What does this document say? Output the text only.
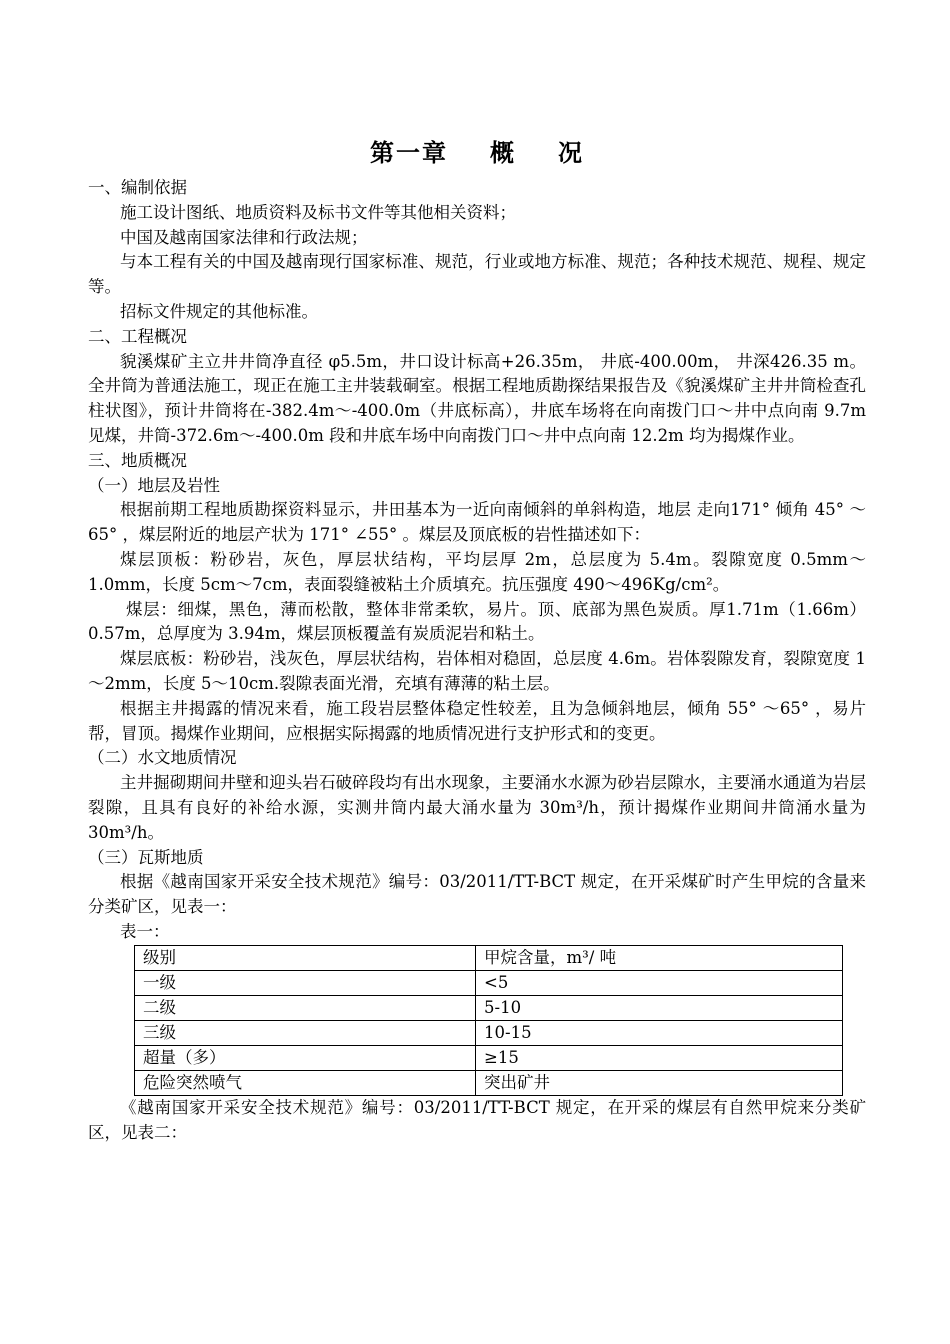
第一章 概 况

一、编制依据

施工设计图纸、地质资料及标书文件等其他相关资料；

中国及越南国家法律和行政法规；

与本工程有关的中国及越南现行国家标准、规范，行业或地方标准、规范；各种技术规范、规程、规定等。

招标文件规定的其他标准。

二、工程概况

貌溪煤矿主立井井筒净直径 φ5.5m，井口设计标高+26.35m， 井底-400.00m， 井深426.35 m。全井筒为普通法施工，现正在施工主井装载硐室。根据工程地质勘探结果报告及《貌溪煤矿主井井筒检查孔柱状图》，预计井筒将在-382.4m～-400.0m（井底标高），井底车场将在向南拨门口～井中点向南 9.7m 见煤，井筒-372.6m～-400.0m 段和井底车场中向南拨门口～井中点向南 12.2m 均为揭煤作业。

三、地质概况

（一）地层及岩性

根据前期工程地质勘探资料显示，井田基本为一近向南倾斜的单斜构造，地层 走向171° 倾角 45° ～65° ，煤层附近的地层产状为 171° ∠55° 。煤层及顶底板的岩性描述如下：

煤层顶板：粉砂岩，灰色，厚层状结构，平均层厚 2m，总层度为 5.4m。裂隙宽度 0.5mm～1.0mm，长度 5cm～7cm，表面裂缝被粘土介质填充。抗压强度 490～496Kg/cm²。

煤层：细煤，黑色，薄而松散，整体非常柔软，易片。顶、底部为黑色炭质。厚1.71m（1.66m）0.57m，总厚度为 3.94m，煤层顶板覆盖有炭质泥岩和粘土。

煤层底板：粉砂岩，浅灰色，厚层状结构，岩体相对稳固，总层度 4.6m。岩体裂隙发育，裂隙宽度 1～2mm，长度 5～10cm.裂隙表面光滑，充填有薄薄的粘土层。

根据主井揭露的情况来看，施工段岩层整体稳定性较差，且为急倾斜地层，倾角 55° ～65° ，易片帮，冒顶。揭煤作业期间，应根据实际揭露的地质情况进行支护形式和的变更。

（二）水文地质情况

主井掘砌期间井壁和迎头岩石破碎段均有出水现象，主要涌水水源为砂岩层隙水，主要涌水通道为岩层裂隙，且具有良好的补给水源，实测井筒内最大涌水量为 30m³/h，预计揭煤作业期间井筒涌水量为 30m³/h。

（三）瓦斯地质

根据《越南国家开采安全技术规范》编号：03/2011/TT-BCT 规定，在开采煤矿时产生甲烷的含量来分类矿区，见表一：

表一：

级别	甲烷含量，m³/ 吨
一级	<5
二级	5-10
三级	10-15
超量（多）	≥15
危险突然喷气	突出矿井

《越南国家开采安全技术规范》编号：03/2011/TT-BCT 规定，在开采的煤层有自然甲烷来分类矿区，见表二：
